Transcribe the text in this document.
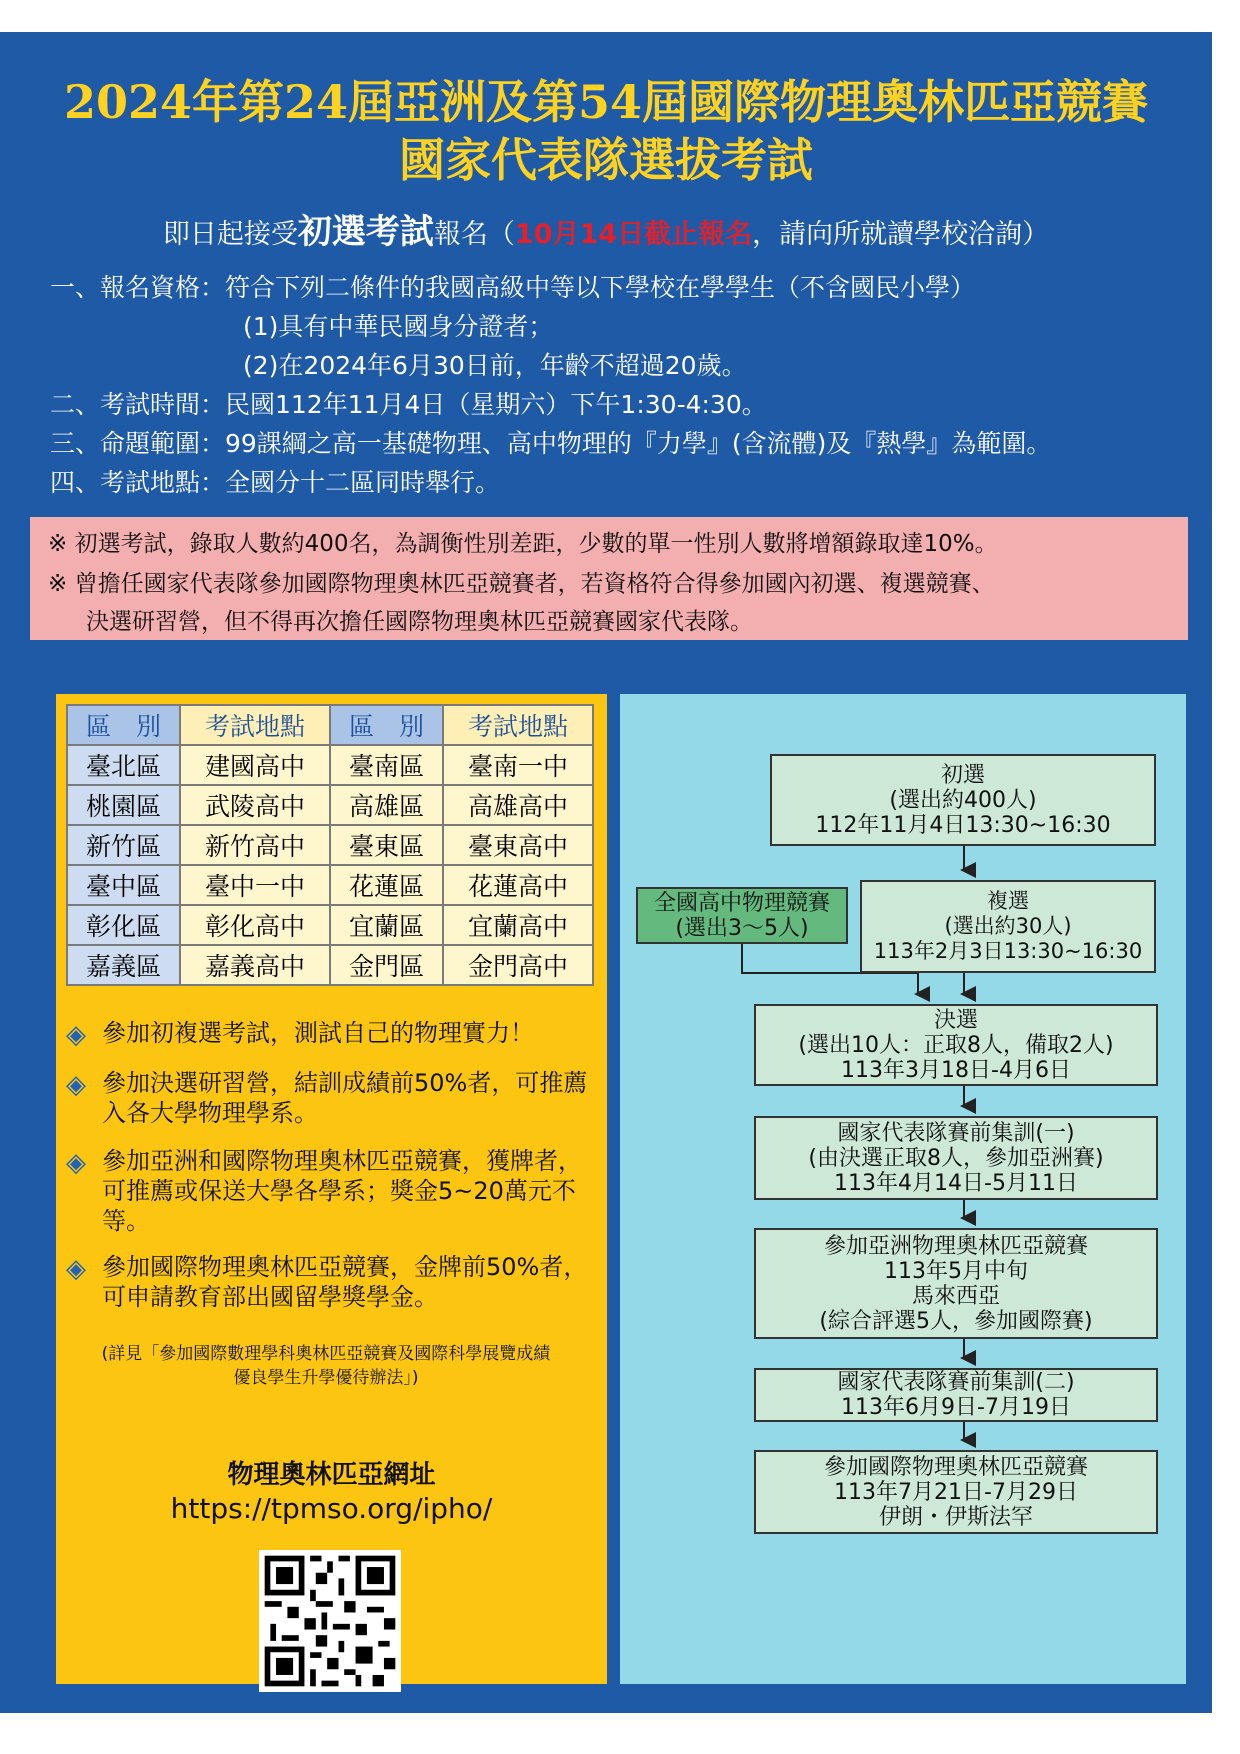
2024年第24屆亞洲及第54屆國際物理奧林匹亞競賽
國家代表隊選拔考試
即日起接受初選考試報名（10月14日截止報名，請向所就讀學校洽詢）
一、報名資格：符合下列二條件的我國高級中等以下學校在學學生（不含國民小學）
(1)具有中華民國身分證者；
(2)在2024年6月30日前，年齡不超過20歲。
二、考試時間：民國112年11月4日（星期六）下午1:30-4:30。
三、命題範圍：99課綱之高一基礎物理、高中物理的『力學』(含流體)及『熱學』為範圍。
四、考試地點：全國分十二區同時舉行。
※ 初選考試，錄取人數約400名，為調衡性別差距，少數的單一性別人數將增額錄取達10%。
※ 曾擔任國家代表隊參加國際物理奧林匹亞競賽者，若資格符合得參加國內初選、複選競賽、
決選研習營，但不得再次擔任國際物理奧林匹亞競賽國家代表隊。
區　別	考試地點	區　別	考試地點
臺北區	建國高中	臺南區	臺南一中
桃園區	武陵高中	高雄區	高雄高中
新竹區	新竹高中	臺東區	臺東高中
臺中區	臺中一中	花蓮區	花蓮高中
彰化區	彰化高中	宜蘭區	宜蘭高中
嘉義區	嘉義高中	金門區	金門高中
◈ 參加初複選考試，測試自己的物理實力！
◈ 參加決選研習營，結訓成績前50%者，可推薦入各大學物理學系。
◈ 參加亞洲和國際物理奧林匹亞競賽，獲牌者，可推薦或保送大學各學系；獎金5~20萬元不等。
◈ 參加國際物理奧林匹亞競賽，金牌前50%者，可申請教育部出國留學獎學金。
(詳見「參加國際數理學科奧林匹亞競賽及國際科學展覽成績優良學生升學優待辦法」)
物理奧林匹亞網址
https://tpmso.org/ipho/
初選
(選出約400人)
112年11月4日13:30~16:30
全國高中物理競賽
(選出3～5人)
複選
(選出約30人)
113年2月3日13:30~16:30
決選
(選出10人：正取8人，備取2人)
113年3月18日-4月6日
國家代表隊賽前集訓(一)
(由決選正取8人，參加亞洲賽)
113年4月14日-5月11日
參加亞洲物理奧林匹亞競賽
113年5月中旬
馬來西亞
(綜合評選5人，參加國際賽)
國家代表隊賽前集訓(二)
113年6月9日-7月19日
參加國際物理奧林匹亞競賽
113年7月21日-7月29日
伊朗・伊斯法罕
